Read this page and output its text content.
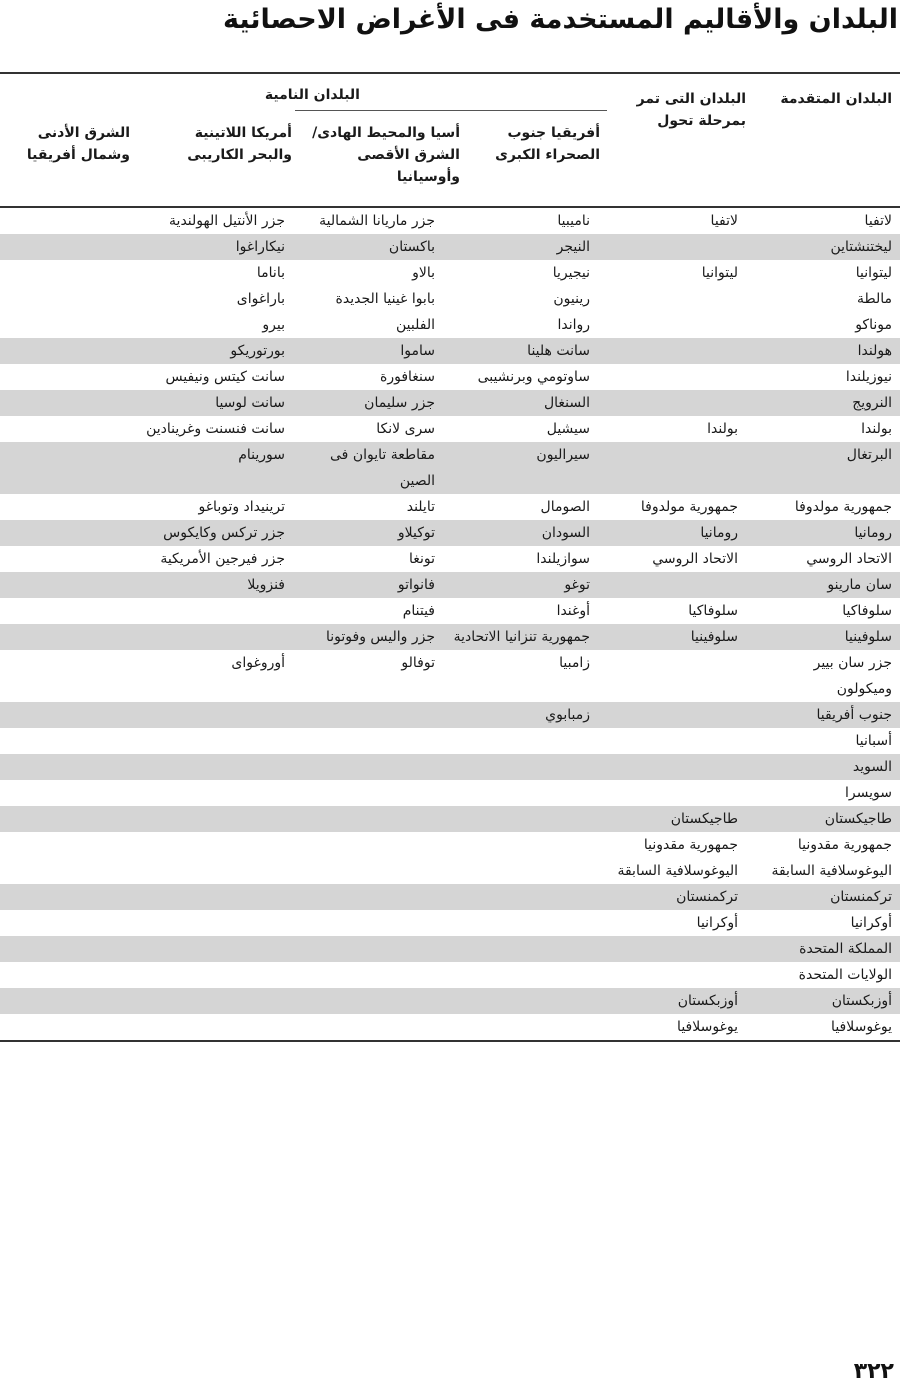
البلدان والأقاليم المستخدمة فى الأغراض الاحصائية
البلدان المتقدمة
البلدان التى تمر بمرحلة تحول
البلدان النامية
أفريقيا جنوب الصحراء الكبرى
أسيا والمحيط الهادى/ الشرق الأقصى وأوسيانيا
أمريكا اللاتينية والبحر الكاريبى
الشرق الأدنى وشمال أفريقيا
لاتفيا
لاتفيا
ناميبيا
جزر ماريانا الشمالية
جزر الأنتيل الهولندية
ليختنشتاين
النيجر
باكستان
نيكاراغوا
ليتوانيا
ليتوانيا
نيجيريا
بالاو
باناما
مالطة
رينيون
بابوا غينيا الجديدة
باراغواى
موناكو
رواندا
الفلبين
بيرو
هولندا
سانت هلينا
ساموا
بورتوريكو
نيوزيلندا
ساوتومي وبرنشيبى
سنغافورة
سانت كيتس ونيفيس
النرويج
السنغال
جزر سليمان
سانت لوسيا
بولندا
بولندا
سيشيل
سرى لانكا
سانت فنسنت وغرينادين
البرتغال
سيراليون
مقاطعة تايوان فى الصين
سورينام
جمهورية مولدوفا
جمهورية مولدوفا
الصومال
تايلند
ترينيداد وتوباغو
رومانيا
رومانيا
السودان
توكيلاو
جزر تركس وكايكوس
الاتحاد الروسي
الاتحاد الروسي
سوازيلندا
تونغا
جزر فيرجين الأمريكية
سان مارينو
توغو
فانواتو
فنزويلا
سلوفاكيا
سلوفاكيا
أوغندا
فيتنام
سلوفينيا
سلوفينيا
جمهورية تنزانيا الاتحادية
جزر واليس وفوتونا
جزر سان بيير وميكولون
زامبيا
توفالو
أوروغواى
جنوب أفريقيا
زمبابوي
أسبانيا
السويد
سويسرا
طاجيكستان
طاجيكستان
جمهورية مقدونيا اليوغوسلافية السابقة
جمهورية مقدونيا اليوغوسلافية السابقة
تركمنستان
تركمنستان
أوكرانيا
أوكرانيا
المملكة المتحدة
الولايات المتحدة
أوزبكستان
أوزبكستان
يوغوسلافيا
يوغوسلافيا
٣٢٢
